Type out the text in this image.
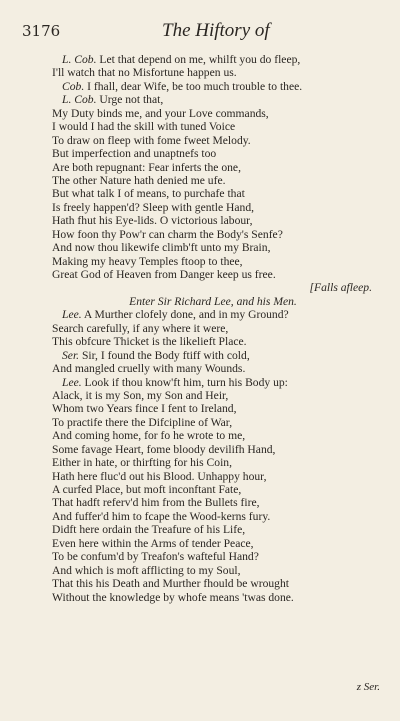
3176	The Hiftory of
L. Cob. Let that depend on me, whilft you do fleep,
I'll watch that no Misfortune happen us.
Cob. I fhall, dear Wife, be too much trouble to thee.
L. Cob. Urge not that,
My Duty binds me, and your Love commands,
I would I had the skill with tuned Voice
To draw on fleep with fome fweet Melody.
But imperfection and unaptnefs too
Are both repugnant: Fear inferts the one,
The other Nature hath denied me ufe.
But what talk I of means, to purchafe that
Is freely happen'd? Sleep with gentle Hand,
Hath fhut his Eye-lids. O victorious labour,
How foon thy Pow'r can charm the Body's Senfe?
And now thou likewife climb'ft unto my Brain,
Making my heavy Temples ftoop to thee,
Great God of Heaven from Danger keep us free.
[Falls afleep.
Enter Sir Richard Lee, and his Men.
Lee. A Murther clofely done, and in my Ground?
Search carefully, if any where it were,
This obfcure Thicket is the likelieft Place.
Ser. Sir, I found the Body ftiff with cold,
And mangled cruelly with many Wounds.
Lee. Look if thou know'ft him, turn his Body up:
Alack, it is my Son, my Son and Heir,
Whom two Years fince I fent to Ireland,
To practife there the Difcipline of War,
And coming home, for fo he wrote to me,
Some favage Heart, fome bloody devilifh Hand,
Either in hate, or thirfting for his Coin,
Hath here fluc'd out his Blood. Unhappy hour,
A curfed Place, but moft inconftant Fate,
That hadft referv'd him from the Bullets fire,
And fuffer'd him to fcape the Wood-kerns fury.
Didft here ordain the Treafure of his Life,
Even here within the Arms of tender Peace,
To be confum'd by Treafon's wafteful Hand?
And which is moft afflicting to my Soul,
That this his Death and Murther fhould be wrought
Without the knowledge by whofe means 'twas done.
z Ser.
